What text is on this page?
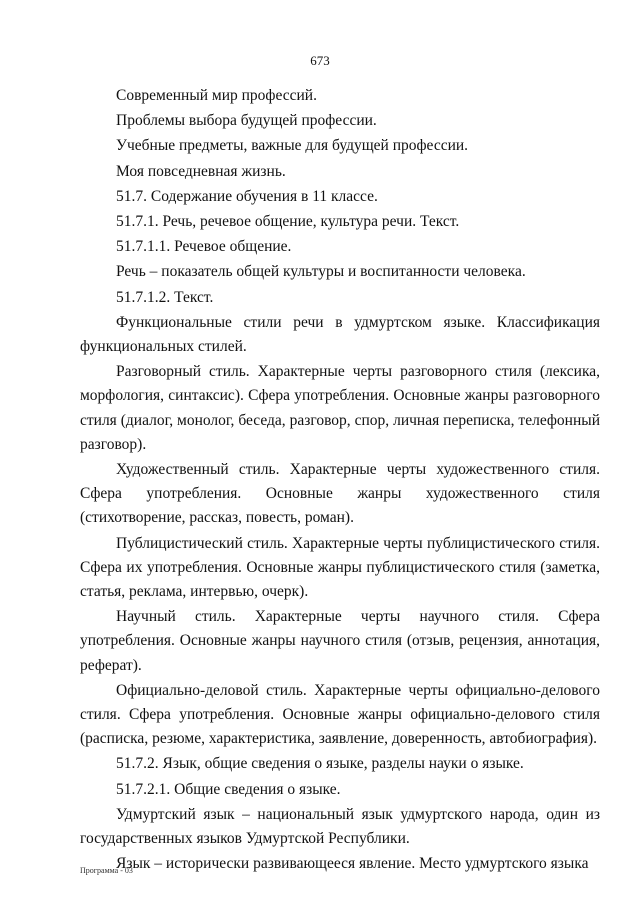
673

Современный мир профессий.

Проблемы выбора будущей профессии.

Учебные предметы, важные для будущей профессии.

Моя повседневная жизнь.

51.7. Содержание обучения в 11 классе.

51.7.1. Речь, речевое общение, культура речи. Текст.

51.7.1.1. Речевое общение.

Речь – показатель общей культуры и воспитанности человека.

51.7.1.2. Текст.

Функциональные стили речи в удмуртском языке. Классификация функциональных стилей.

Разговорный стиль. Характерные черты разговорного стиля (лексика, морфология, синтаксис). Сфера употребления. Основные жанры разговорного стиля (диалог, монолог, беседа, разговор, спор, личная переписка, телефонный разговор).

Художественный стиль. Характерные черты художественного стиля. Сфера употребления. Основные жанры художественного стиля (стихотворение, рассказ, повесть, роман).

Публицистический стиль. Характерные черты публицистического стиля. Сфера их употребления. Основные жанры публицистического стиля (заметка, статья, реклама, интервью, очерк).

Научный стиль. Характерные черты научного стиля. Сфера употребления. Основные жанры научного стиля (отзыв, рецензия, аннотация, реферат).

Официально-деловой стиль. Характерные черты официально-делового стиля. Сфера употребления. Основные жанры официально-делового стиля (расписка, резюме, характеристика, заявление, доверенность, автобиография).

51.7.2. Язык, общие сведения о языке, разделы науки о языке.

51.7.2.1. Общие сведения о языке.

Удмуртский язык – национальный язык удмуртского народа, один из государственных языков Удмуртской Республики.

Язык – исторически развивающееся явление. Место удмуртского языка

Программа - 03
